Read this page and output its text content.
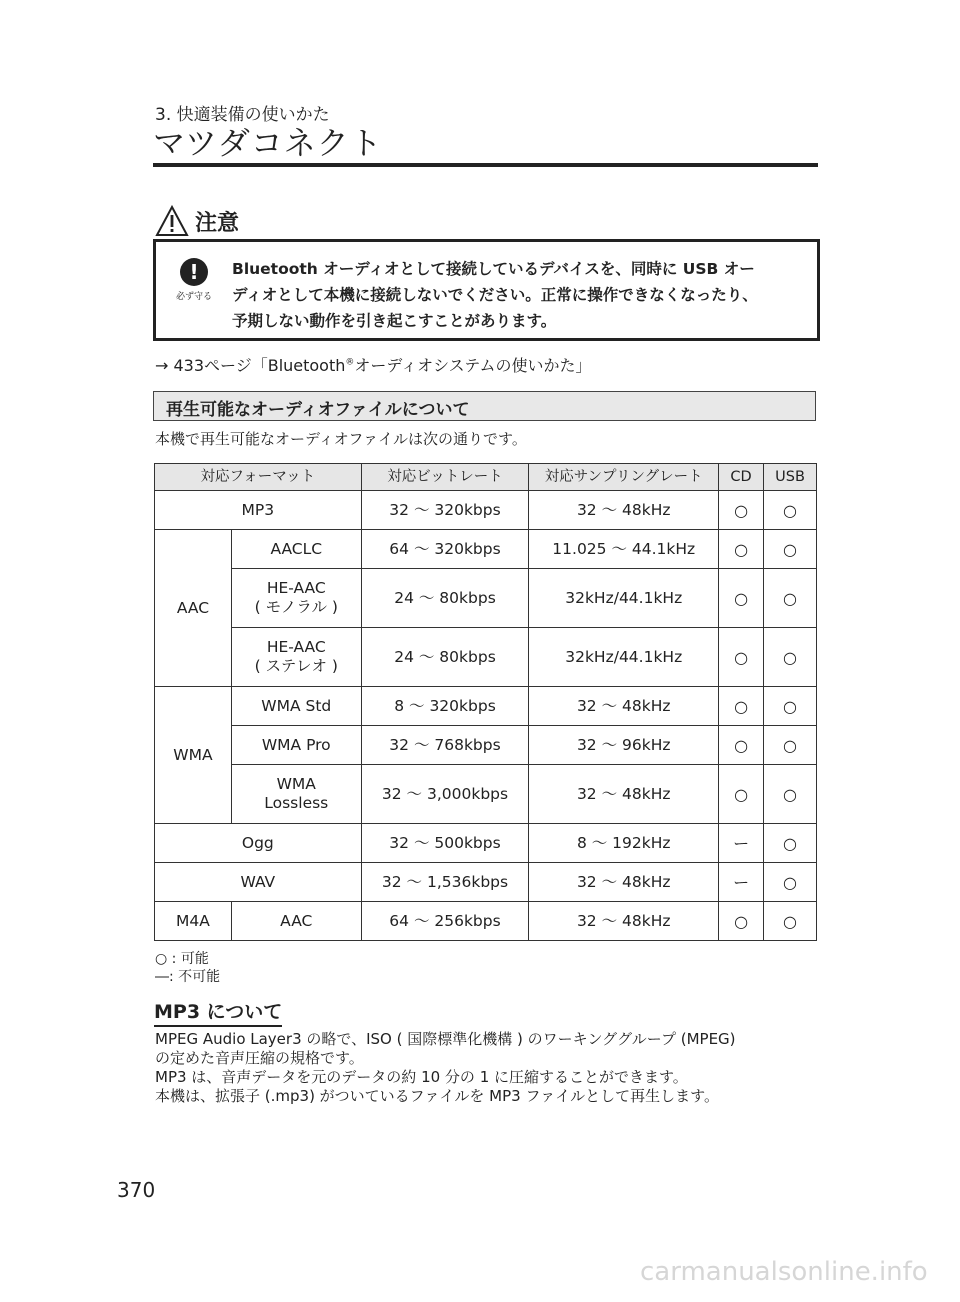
3. 快適装備の使いかた
マツダコネクト
注意
!
必ず守る
Bluetooth オーディオとして接続しているデバイスを、同時に USB オー
ディオとして本機に接続しないでください。正常に操作できなくなったり、
予期しない動作を引き起こすことがあります。
→ 433ページ「Bluetooth®オーディオシステムの使いかた」
再生可能なオーディオファイルについて
本機で再生可能なオーディオファイルは次の通りです。
対応フォーマット		対応ビットレート	対応サンプリングレート	CD	USB
MP3		32 〜 320kbps	32 〜 48kHz	○	○
AAC	AACLC	64 〜 320kbps	11.025 〜 44.1kHz	○	○

	HE-AAC
( モノラル )	24 〜 80kbps	32kHz/44.1kHz	○	○

	HE-AAC
( ステレオ )	24 〜 80kbps	32kHz/44.1kHz	○	○
WMA	WMA Std	8 〜 320kbps	32 〜 48kHz	○	○
	WMA Pro	32 〜 768kbps	32 〜 96kHz	○	○

	WMA
Lossless	32 〜 3,000kbps	32 〜 48kHz	○	○
Ogg		32 〜 500kbps	8 〜 192kHz	ー	○
WAV		32 〜 1,536kbps	32 〜 48kHz	ー	○
M4A	AAC	64 〜 256kbps	32 〜 48kHz	○	○
○ : 可能
―: 不可能
MP3 について
MPEG Audio Layer3 の略で、ISO ( 国際標準化機構 ) のワーキンググループ (MPEG)
の定めた音声圧縮の規格です。
MP3 は、音声データを元のデータの約 10 分の 1 に圧縮することができます。
本機は、拡張子 (.mp3) がついているファイルを MP3 ファイルとして再生します。
370
carmanualsonline.info
